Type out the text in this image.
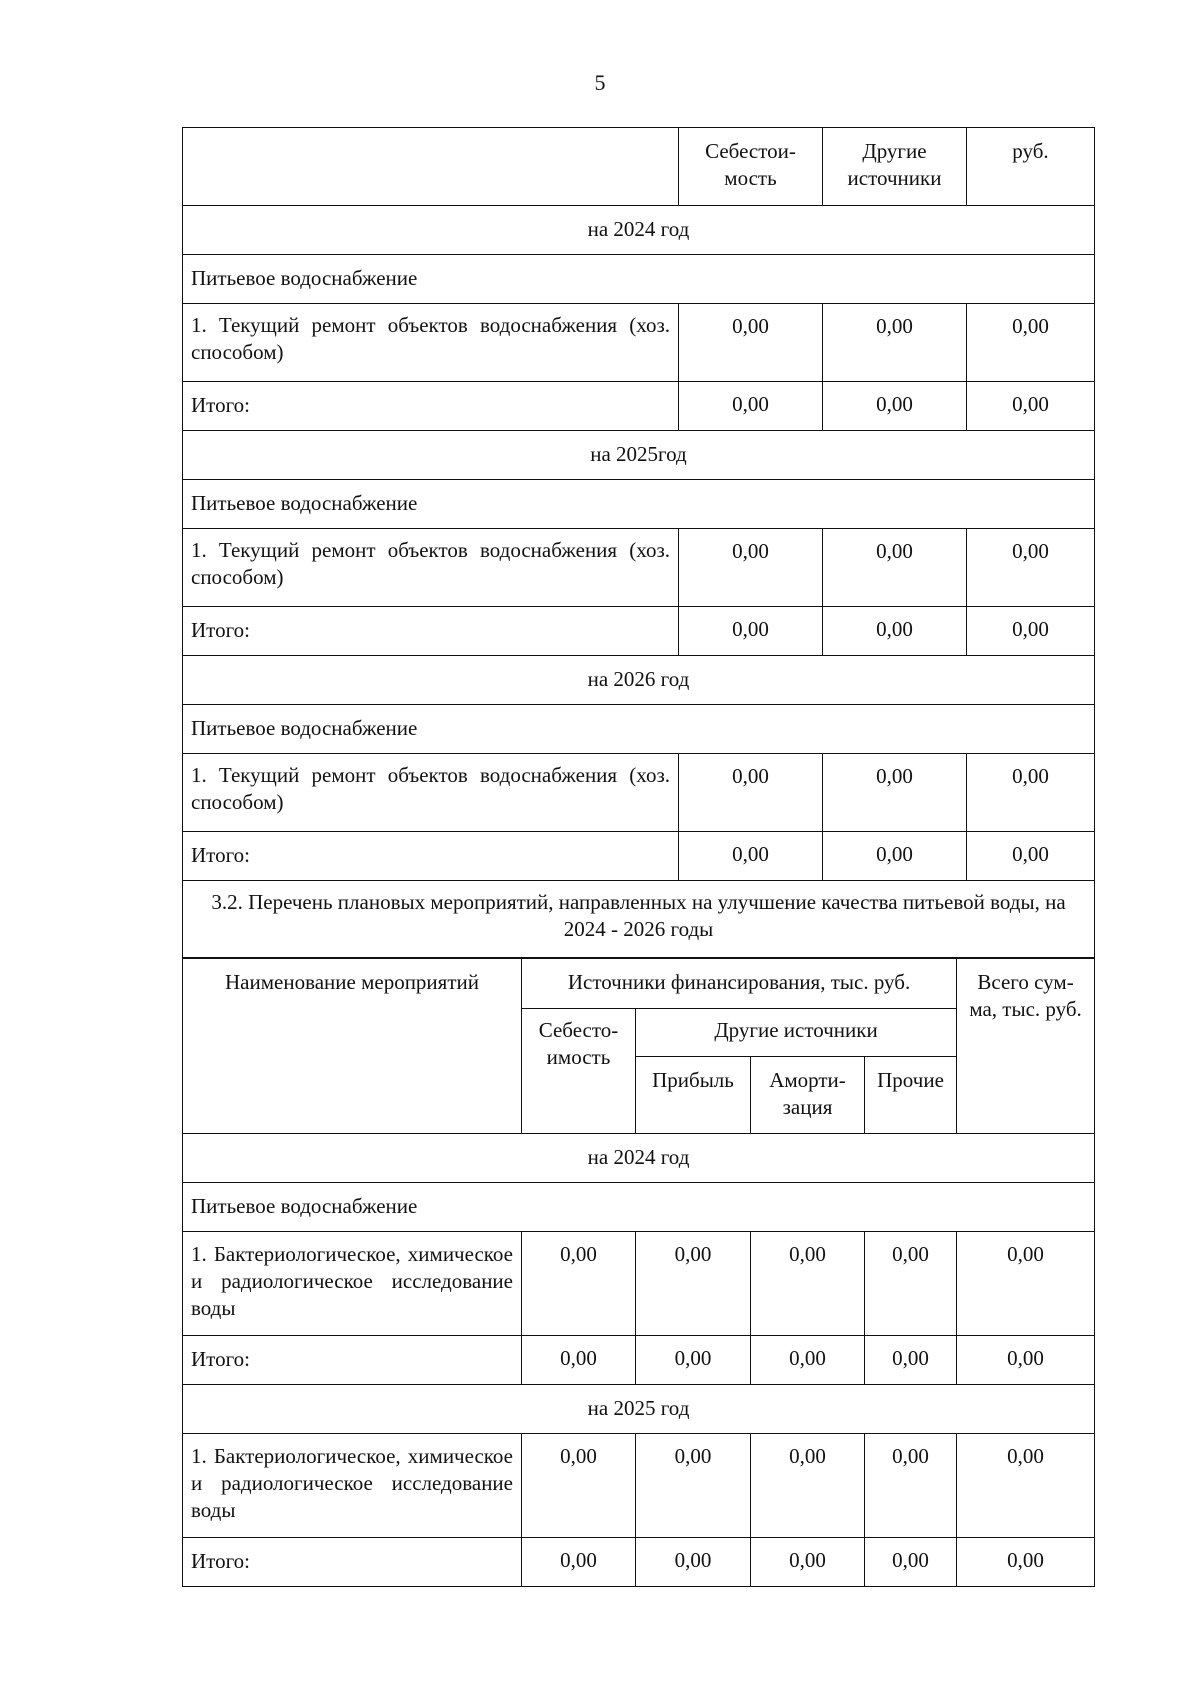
5
	Себестои-мость	Другие источники	руб.
на 2024 год			
Питьевое водоснабжение			
1. Текущий ремонт объектов водоснабжения (хоз. способом)	0,00	0,00	0,00
Итого:	0,00	0,00	0,00
на 2025год			
Питьевое водоснабжение			
1. Текущий ремонт объектов водоснабжения (хоз. способом)	0,00	0,00	0,00
Итого:	0,00	0,00	0,00
на 2026 год			
Питьевое водоснабжение			
1. Текущий ремонт объектов водоснабжения (хоз. способом)	0,00	0,00	0,00
Итого:	0,00	0,00	0,00
3.2. Перечень плановых мероприятий, направленных на улучшение качества питьевой воды, на 2024 - 2026 годы			
Наименование мероприятий	Источники финансирования, тыс. руб.				Всего сум-ма, тыс. руб.
	Себесто-имость	Другие источники			
		Прибыль	Аморти-зация	Прочие	
на 2024 год					
Питьевое водоснабжение					
1. Бактериологическое, химическое и радиологическое исследование воды	0,00	0,00	0,00	0,00	0,00
Итого:	0,00	0,00	0,00	0,00	0,00
на 2025 год					
1. Бактериологическое, химическое и радиологическое исследование воды	0,00	0,00	0,00	0,00	0,00
Итого:	0,00	0,00	0,00	0,00	0,00
